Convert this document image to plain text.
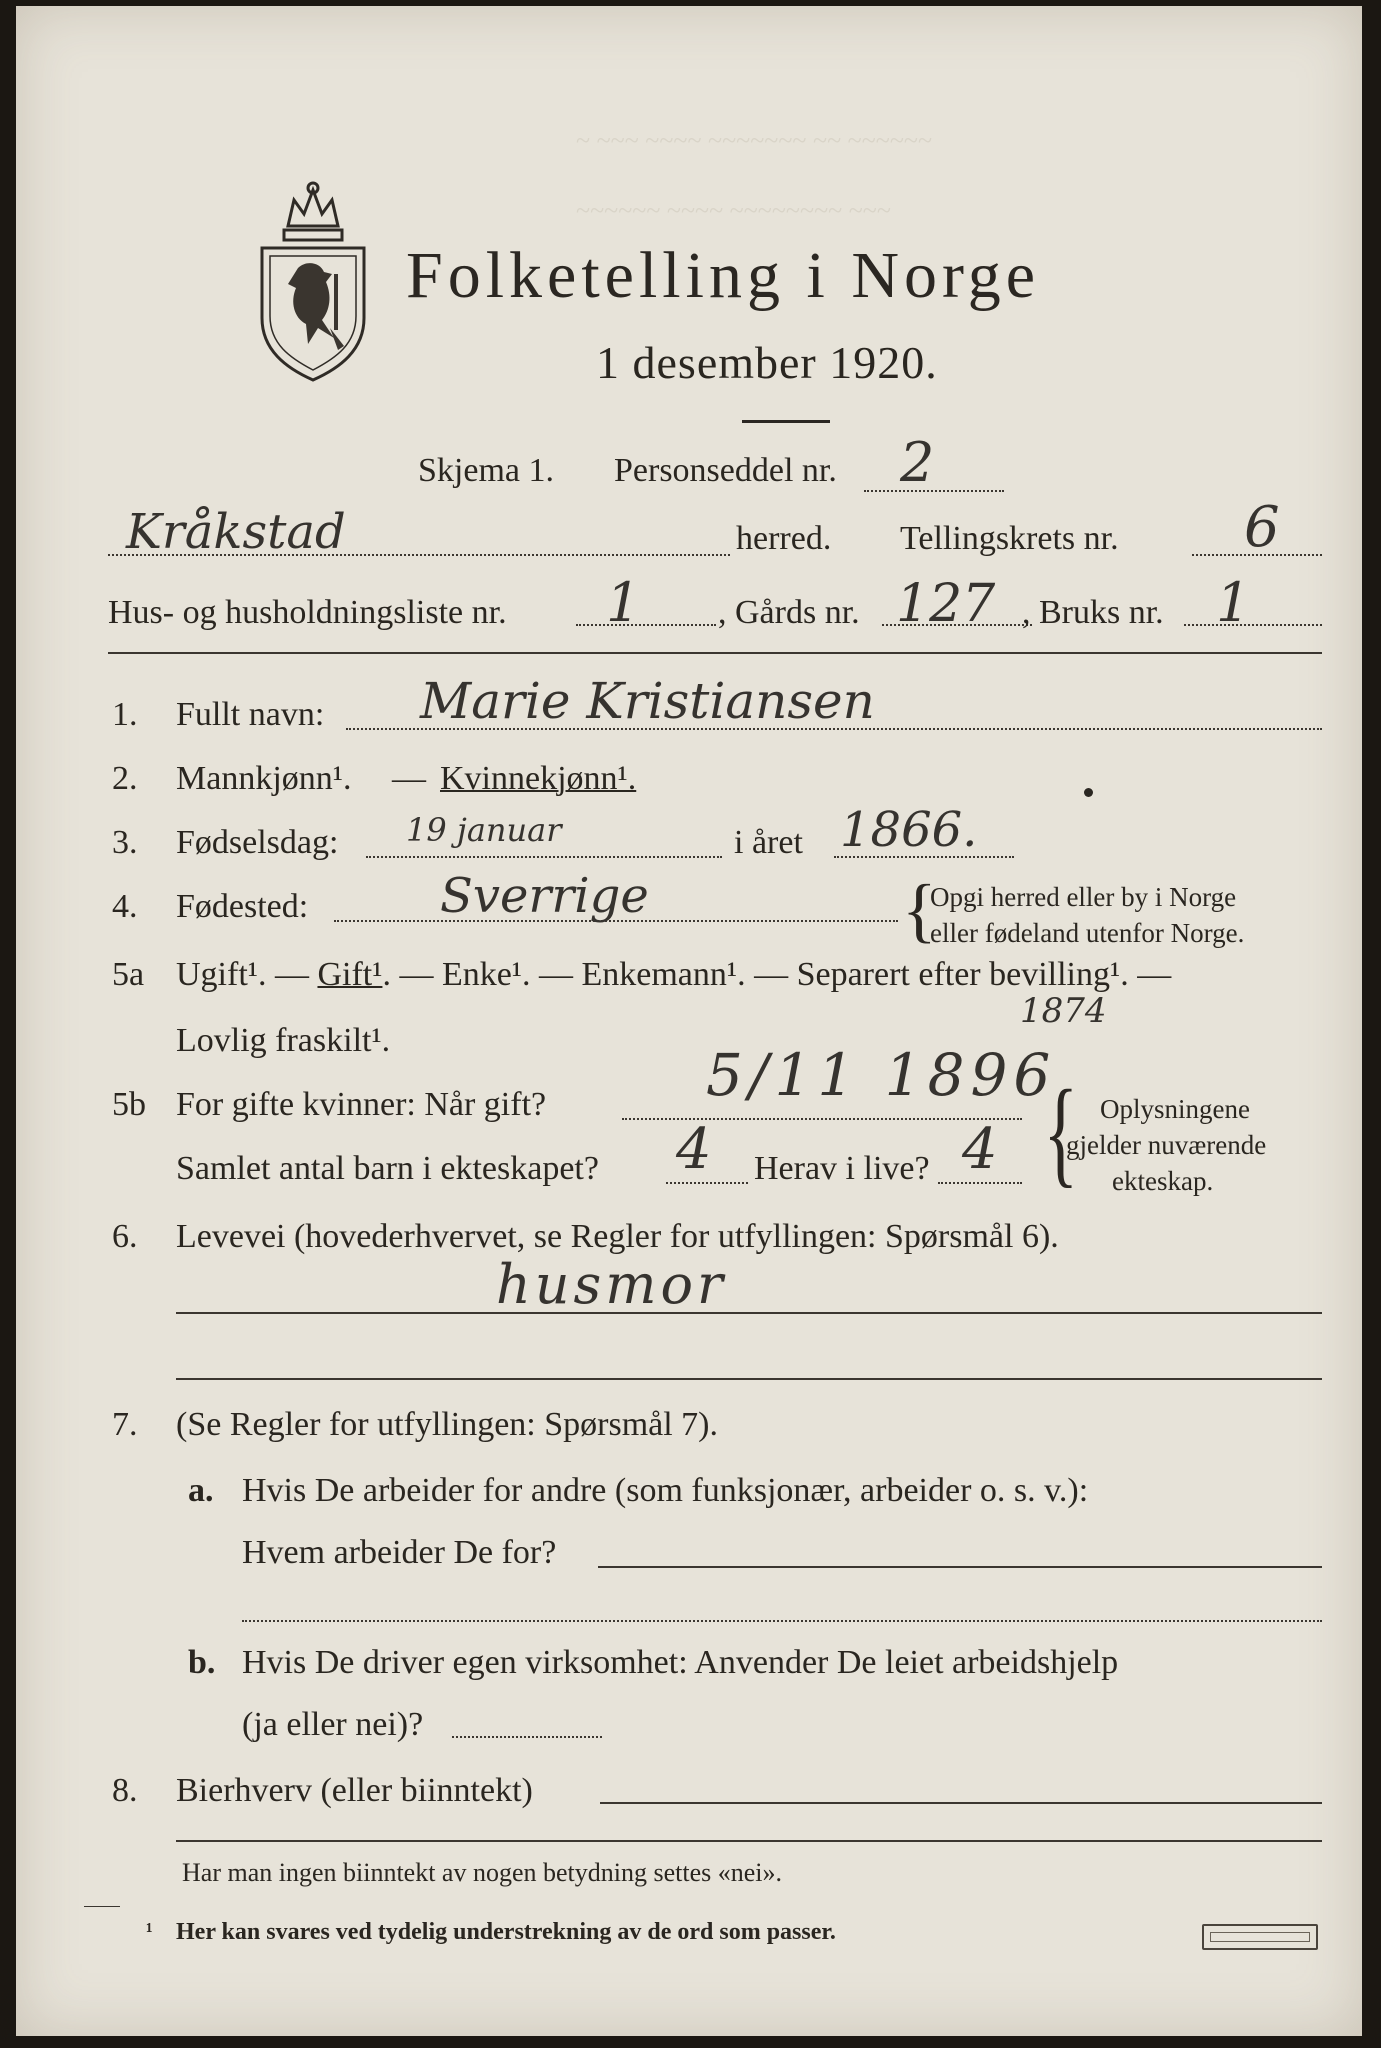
~ ~~~ ~~~~ ~~~~~~~ ~~ ~~~~~~
~~~~~~ ~~~~ ~~~~~~~~ ~~~
Folketelling i Norge
1 desember 1920.
Skjema 1. Personseddel nr. 2
Kråkstad	herred. Tellingskrets nr. 6
Hus- og husholdningsliste nr. 1 , Gårds nr. 127 , Bruks nr. 1
1. Fullt navn: Marie Kristiansen
2. Mannkjønn¹. — Kvinnekjønn¹.
3. Fødselsdag: 19 januar	i året 1866.
4. Fødested:	Sverrige	{
Opgi herred eller by i Norge
eller fødeland utenfor Norge.
5a Ugift¹. — Gift¹. — Enke¹. — Enkemann¹. — Separert efter bevilling¹. —
Lovlig fraskilt¹.
1874
5b For gifte kvinner: Når gift?	5/11 1896
{ Oplysningene
gjelder nuværende
ekteskap.
Samlet antal barn i ekteskapet? 4 Herav i live? 4
6. Levevei (hovederhvervet, se Regler for utfyllingen: Spørsmål 6).
husmor
7. (Se Regler for utfyllingen: Spørsmål 7).
a. Hvis De arbeider for andre (som funksjonær, arbeider o. s. v.):
Hvem arbeider De for?
b. Hvis De driver egen virksomhet: Anvender De leiet arbeidshjelp
(ja eller nei)?
8. Bierhverv (eller biinntekt)
Har man ingen biinntekt av nogen betydning settes «nei».
¹ Her kan svares ved tydelig understrekning av de ord som passer.
